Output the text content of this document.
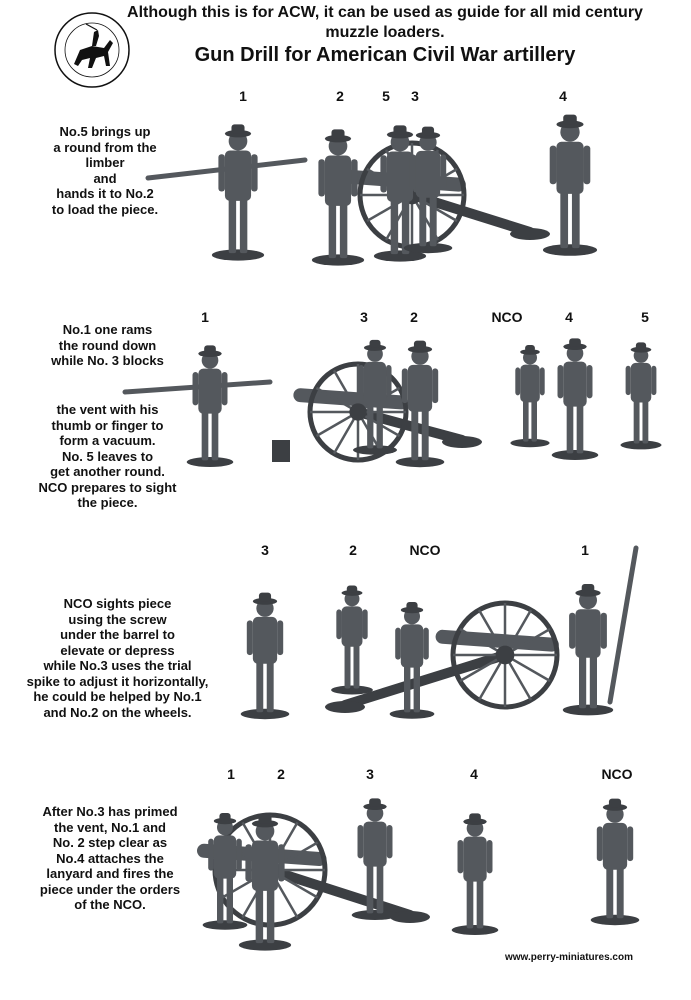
Although this is for ACW, it can be used as guide for all mid century
muzzle loaders.
Gun Drill for American Civil War artillery
No.5 brings up
a round from the
limber
and
hands it to No.2
to load the piece.
1	2	5	3	4
No.1 one rams
the round down
while No. 3 blocks
the vent with his
thumb or finger to
form a vacuum.
No. 5 leaves to
get another round.
NCO prepares to sight
the piece.
1	3	2	NCO	4	5
NCO sights piece
using the screw
under the barrel to
elevate or depress
while No.3 uses the trial
spike to adjust it horizontally,
he could be helped by No.1
and No.2 on the wheels.
3	2	NCO	1
After No.3 has primed
the vent, No.1 and
No. 2 step clear as
No.4 attaches the
lanyard and fires the
piece under the orders
of the NCO.
1	2	3	4	NCO
www.perry-miniatures.com
